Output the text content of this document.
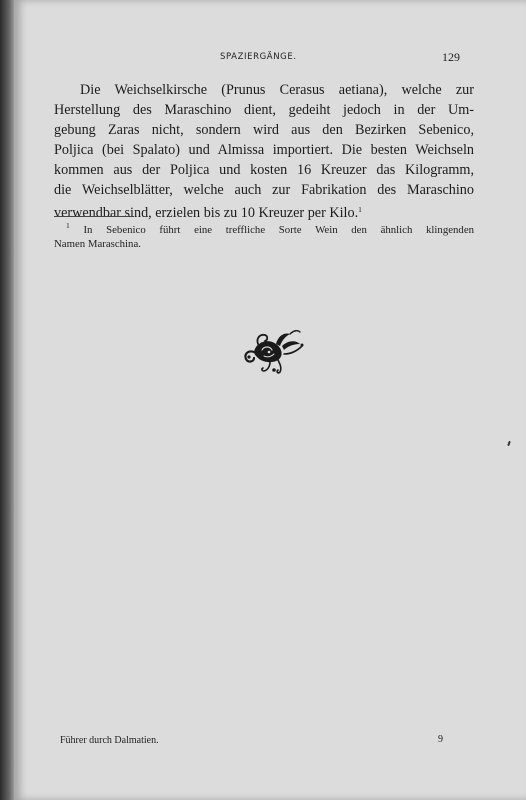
SPAZIERGÄNGE.	129

Die Weichselkirsche (Prunus Cerasus aetiana), welche zur
Herstellung des Maraschino dient, gedeiht jedoch in der Um-
gebung Zaras nicht, sondern wird aus den Bezirken Sebenico,
Poljica (bei Spalato) und Almissa importiert. Die besten Weichseln
kommen aus der Poljica und kosten 16 Kreuzer das Kilogramm,
die Weichselblätter, welche auch zur Fabrikation des Maraschino
verwendbar sind, erzielen bis zu 10 Kreuzer per Kilo.$^1$

$^1$ In Sebenico führt eine treffliche Sorte Wein den ähnlich klingenden
Namen Maraschina.

Führer durch Dalmatien.	9
